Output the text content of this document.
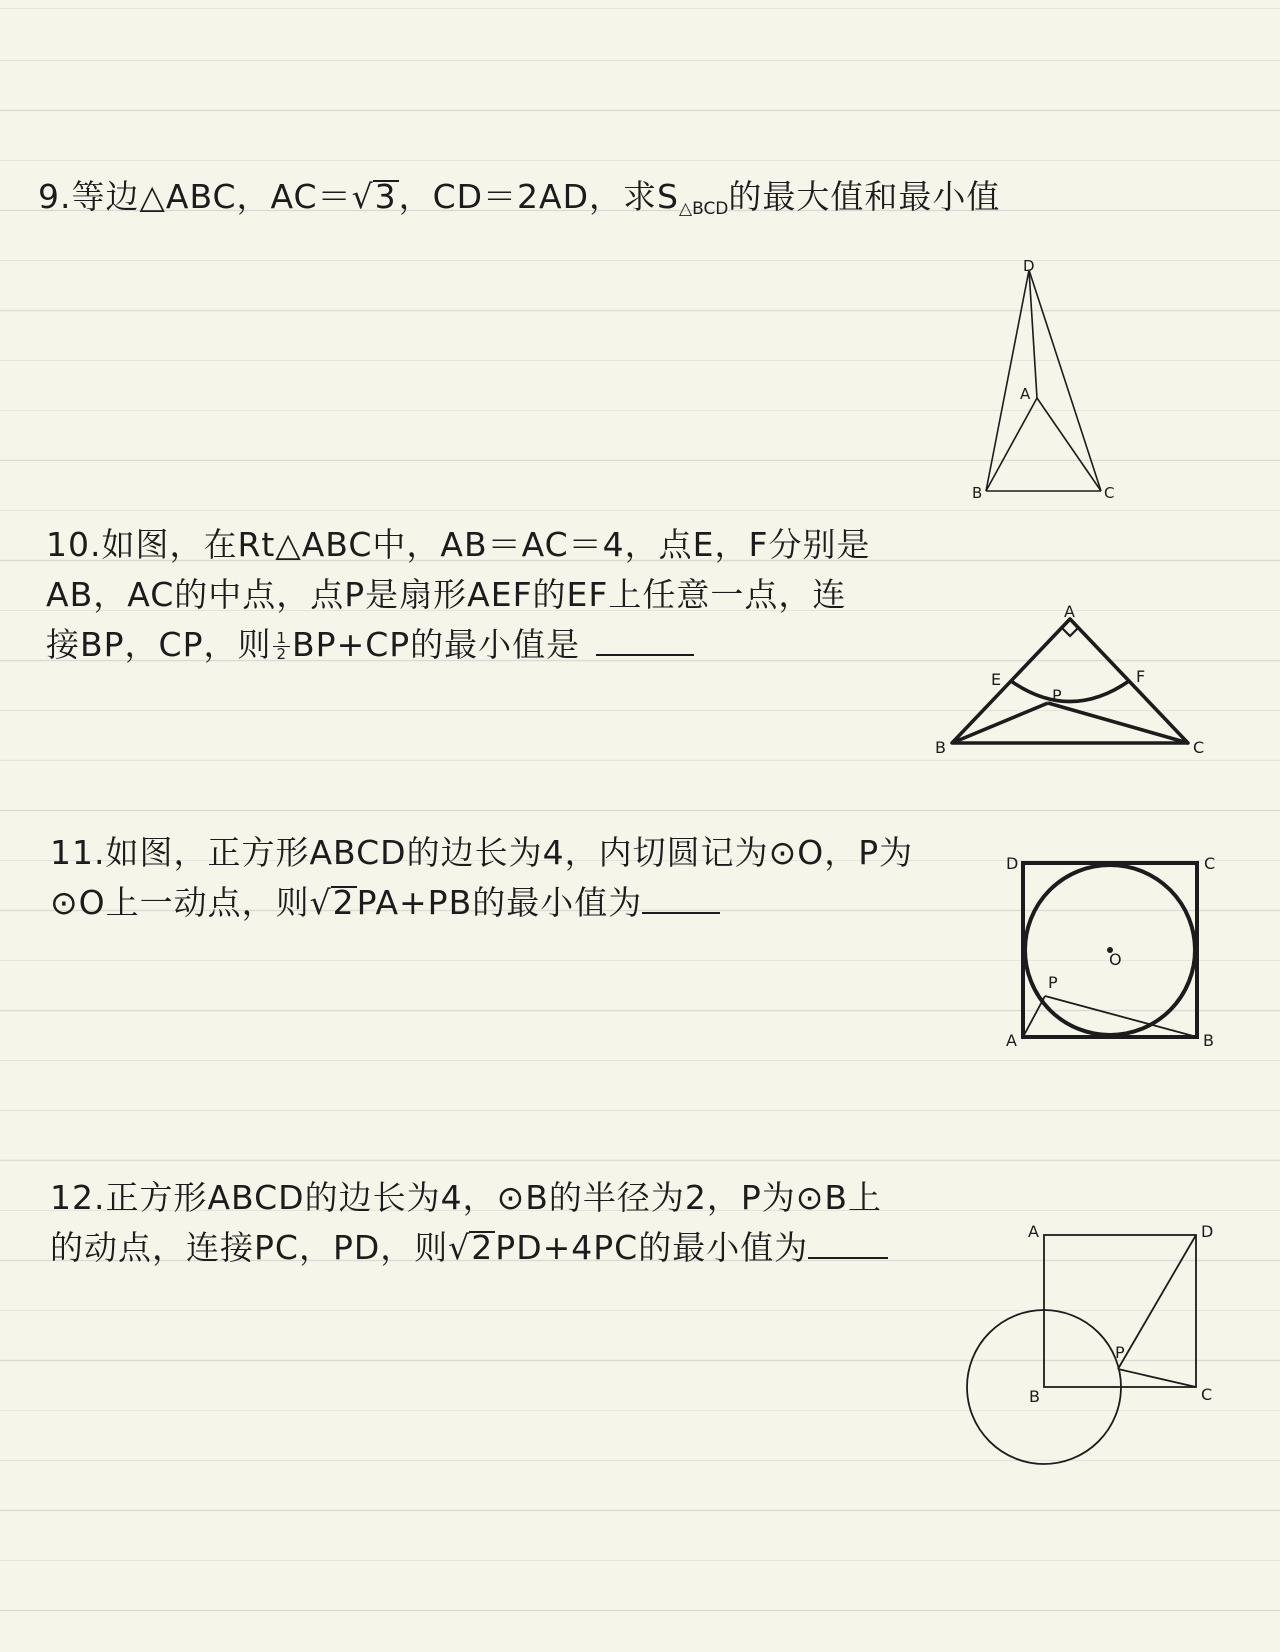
9.等边△ABC，AC＝√3，CD＝2AD，求S△BCD的最大值和最小值
D
A
B	C
10.如图，在Rt△ABC中，AB＝AC＝4，点E，F分别是
AB，AC的中点，点P是扇形AEF的EF上任意一点，连
接BP，CP，则 $\frac{1}{2} BP+CP$的最小值是
A
E	F
P
B	C
11.如图，正方形ABCD的边长为4，内切圆记为⊙O，P为
⊙O上一动点，则√2PA+PB的最小值为
D	C
O
P
A	B
12.正方形ABCD的边长为4，⊙B的半径为2，P为⊙B上
的动点，连接PC，PD，则√2PD+4PC的最小值为	A	D
P
B	C
